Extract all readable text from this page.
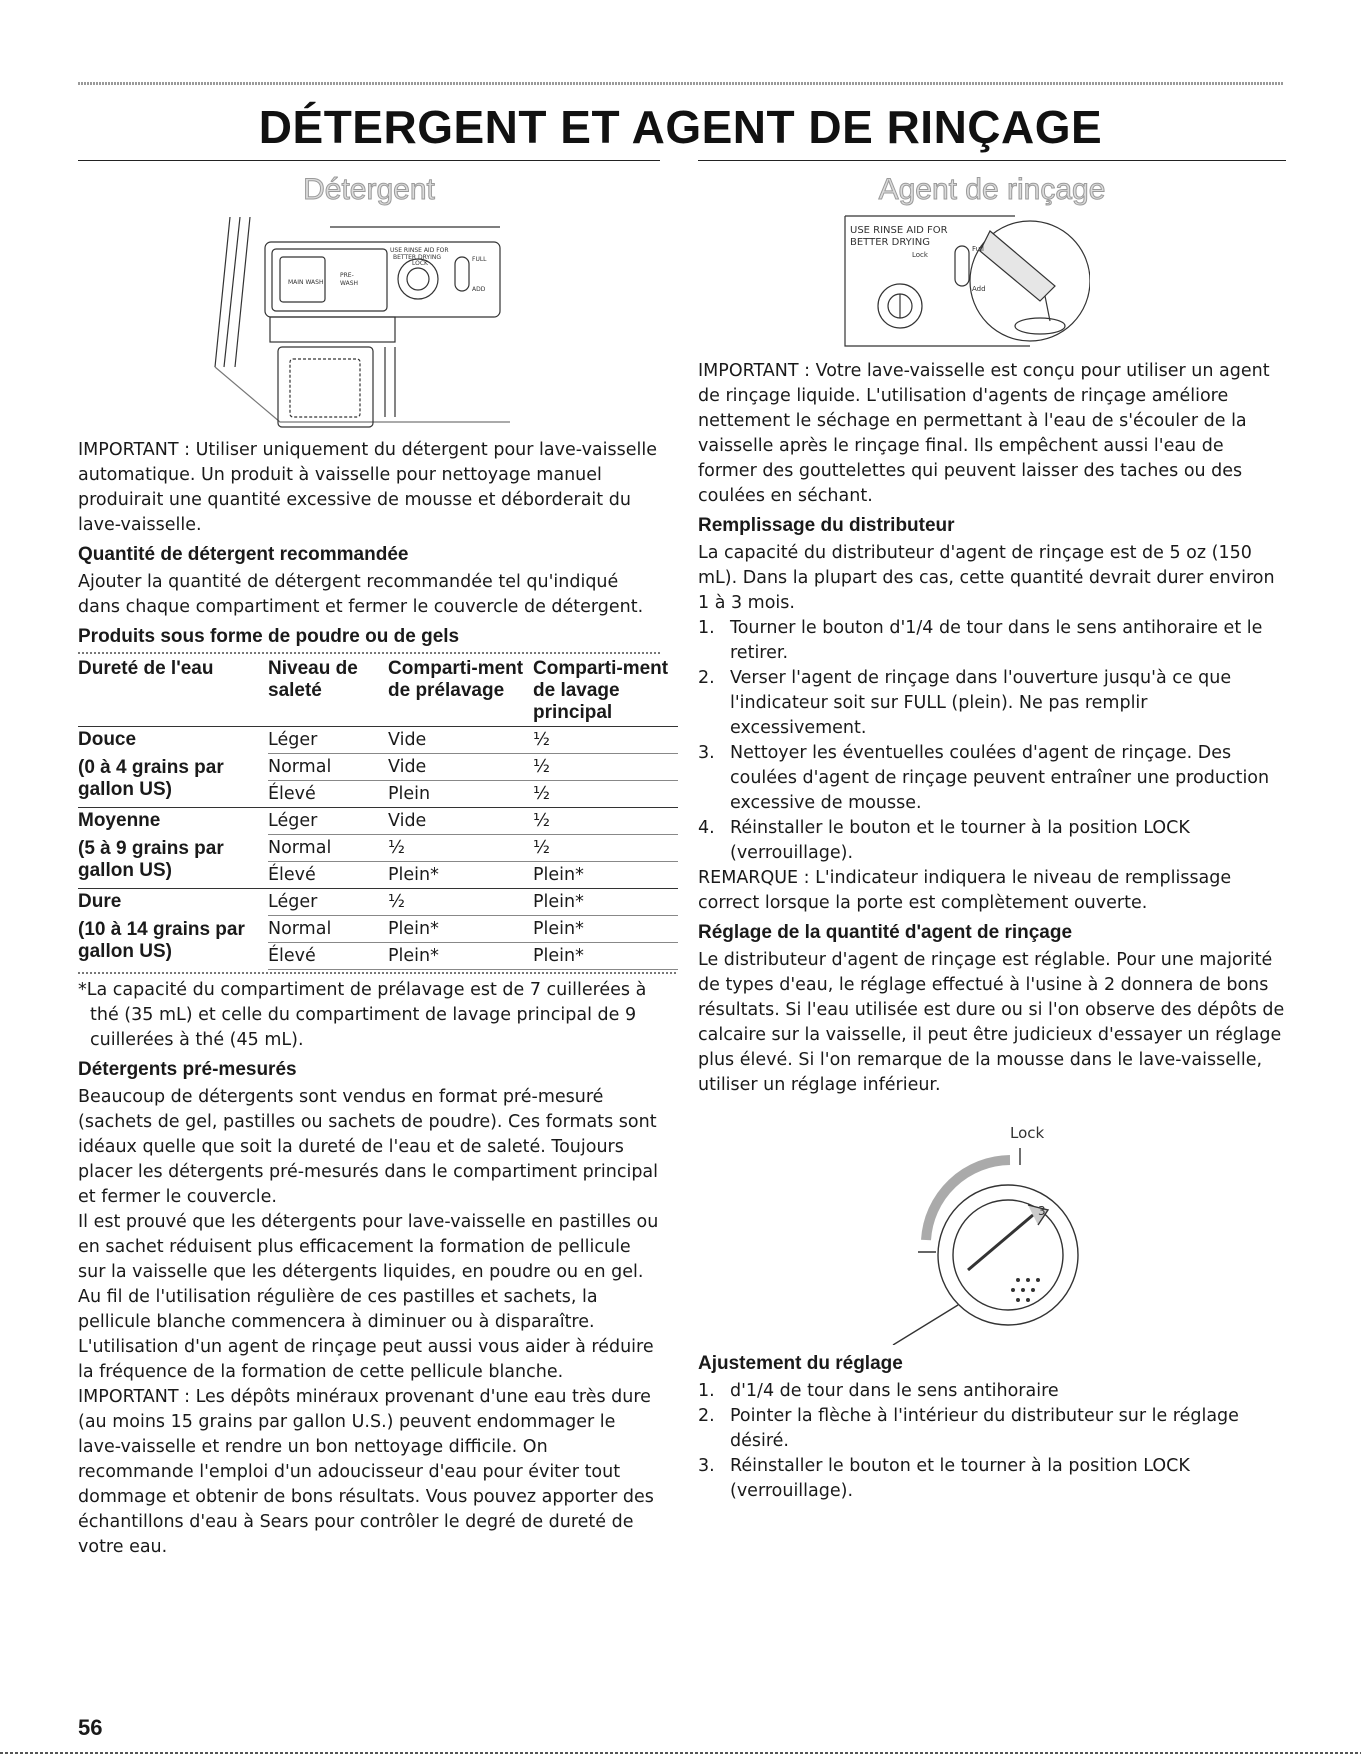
DÉTERGENT ET AGENT DE RINÇAGE
Détergent
USE RINSE AID FOR
BETTER DRYING
LOCK
FULL
ADD
MAIN WASH
PRE-
WASH

IMPORTANT : Utiliser uniquement du détergent pour lave-vaisselle automatique. Un produit à vaisselle pour nettoyage manuel produirait une quantité excessive de mousse et déborderait du lave-vaisselle.

Quantité de détergent recommandée

Ajouter la quantité de détergent recommandée tel qu'indiqué dans chaque compartiment et fermer le couvercle de détergent.

Produits sous forme de poudre ou de gels
Dureté de l'eau	Niveau de saleté	Comparti-ment de prélavage	Comparti-ment de lavage principal

Douce
(0 à 4 grains par gallon US)	Léger	Vide	½
	Normal	Vide	½
	Élevé	Plein	½

Moyenne
(5 à 9 grains par gallon US)	Léger	Vide	½
	Normal	½	½
	Élevé	Plein*	Plein*

Dure
(10 à 14 grains par gallon US)	Léger	½	Plein*
	Normal	Plein*	Plein*
	Élevé	Plein*	Plein*

*La capacité du compartiment de prélavage est de 7 cuillerées à thé (35 mL) et celle du compartiment de lavage principal de 9 cuillerées à thé (45 mL).

Détergents pré-mesurés

Beaucoup de détergents sont vendus en format pré-mesuré (sachets de gel, pastilles ou sachets de poudre). Ces formats sont idéaux quelle que soit la dureté de l'eau et de saleté. Toujours placer les détergents pré-mesurés dans le compartiment principal et fermer le couvercle.

Il est prouvé que les détergents pour lave-vaisselle en pastilles ou en sachet réduisent plus efficacement la formation de pellicule sur la vaisselle que les détergents liquides, en poudre ou en gel. Au fil de l'utilisation régulière de ces pastilles et sachets, la pellicule blanche commencera à diminuer ou à disparaître. L'utilisation d'un agent de rinçage peut aussi vous aider à réduire la fréquence de la formation de cette pellicule blanche.

IMPORTANT : Les dépôts minéraux provenant d'une eau très dure (au moins 15 grains par gallon U.S.) peuvent endommager le lave-vaisselle et rendre un bon nettoyage difficile. On recommande l'emploi d'un adoucisseur d'eau pour éviter tout dommage et obtenir de bons résultats. Vous pouvez apporter des échantillons d'eau à Sears pour contrôler le degré de dureté de votre eau.

Agent de rinçage
USE RINSE AID FOR
BETTER DRYING
Lock
Full
Add

IMPORTANT : Votre lave-vaisselle est conçu pour utiliser un agent de rinçage liquide. L'utilisation d'agents de rinçage améliore nettement le séchage en permettant à l'eau de s'écouler de la vaisselle après le rinçage final. Ils empêchent aussi l'eau de former des gouttelettes qui peuvent laisser des taches ou des coulées en séchant.

Remplissage du distributeur

La capacité du distributeur d'agent de rinçage est de 5 oz (150 mL). Dans la plupart des cas, cette quantité devrait durer environ 1 à 3 mois.

1. Tourner le bouton d'1/4 de tour dans le sens antihoraire et le retirer.
2. Verser l'agent de rinçage dans l'ouverture jusqu'à ce que l'indicateur soit sur FULL (plein). Ne pas remplir excessivement.
3. Nettoyer les éventuelles coulées d'agent de rinçage. Des coulées d'agent de rinçage peuvent entraîner une production excessive de mousse.
4. Réinstaller le bouton et le tourner à la position LOCK (verrouillage).

REMARQUE : L'indicateur indiquera le niveau de remplissage correct lorsque la porte est complètement ouverte.

Réglage de la quantité d'agent de rinçage

Le distributeur d'agent de rinçage est réglable. Pour une majorité de types d'eau, le réglage effectué à l'usine à 2 donnera de bons résultats. Si l'eau utilisée est dure ou si l'on observe des dépôts de calcaire sur la vaisselle, il peut être judicieux d'essayer un réglage plus élevé. Si l'on remarque de la mousse dans le lave-vaisselle, utiliser un réglage inférieur.

Lock
3
Ajustement du réglage
1. d'1/4 de tour dans le sens antihoraire
2. Pointer la flèche à l'intérieur du distributeur sur le réglage désiré.
3. Réinstaller le bouton et le tourner à la position LOCK (verrouillage).

56
